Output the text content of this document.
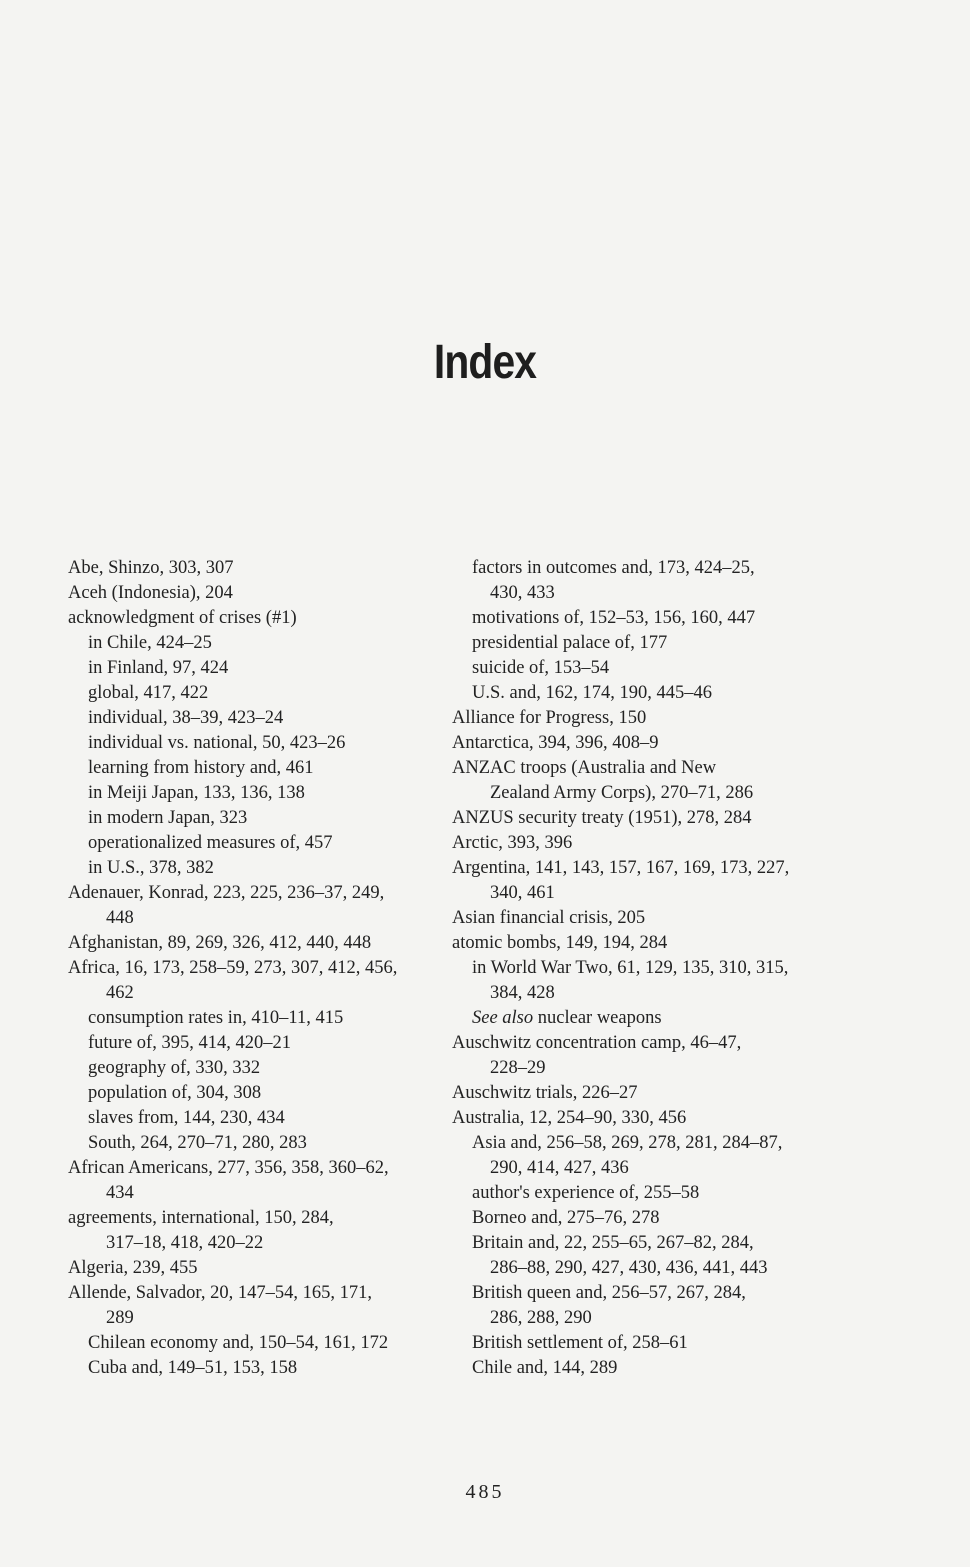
Index
Abe, Shinzo, 303, 307
Aceh (Indonesia), 204
acknowledgment of crises (#1)
in Chile, 424–25
in Finland, 97, 424
global, 417, 422
individual, 38–39, 423–24
individual vs. national, 50, 423–26
learning from history and, 461
in Meiji Japan, 133, 136, 138
in modern Japan, 323
operationalized measures of, 457
in U.S., 378, 382
Adenauer, Konrad, 223, 225, 236–37, 249,
448
Afghanistan, 89, 269, 326, 412, 440, 448
Africa, 16, 173, 258–59, 273, 307, 412, 456,
462
consumption rates in, 410–11, 415
future of, 395, 414, 420–21
geography of, 330, 332
population of, 304, 308
slaves from, 144, 230, 434
South, 264, 270–71, 280, 283
African Americans, 277, 356, 358, 360–62,
434
agreements, international, 150, 284,
317–18, 418, 420–22
Algeria, 239, 455
Allende, Salvador, 20, 147–54, 165, 171,
289
Chilean economy and, 150–54, 161, 172
Cuba and, 149–51, 153, 158
factors in outcomes and, 173, 424–25,
430, 433
motivations of, 152–53, 156, 160, 447
presidential palace of, 177
suicide of, 153–54
U.S. and, 162, 174, 190, 445–46
Alliance for Progress, 150
Antarctica, 394, 396, 408–9
ANZAC troops (Australia and New
Zealand Army Corps), 270–71, 286
ANZUS security treaty (1951), 278, 284
Arctic, 393, 396
Argentina, 141, 143, 157, 167, 169, 173, 227,
340, 461
Asian financial crisis, 205
atomic bombs, 149, 194, 284
in World War Two, 61, 129, 135, 310, 315,
384, 428
See also nuclear weapons
Auschwitz concentration camp, 46–47,
228–29
Auschwitz trials, 226–27
Australia, 12, 254–90, 330, 456
Asia and, 256–58, 269, 278, 281, 284–87,
290, 414, 427, 436
author's experience of, 255–58
Borneo and, 275–76, 278
Britain and, 22, 255–65, 267–82, 284,
286–88, 290, 427, 430, 436, 441, 443
British queen and, 256–57, 267, 284,
286, 288, 290
British settlement of, 258–61
Chile and, 144, 289
485
